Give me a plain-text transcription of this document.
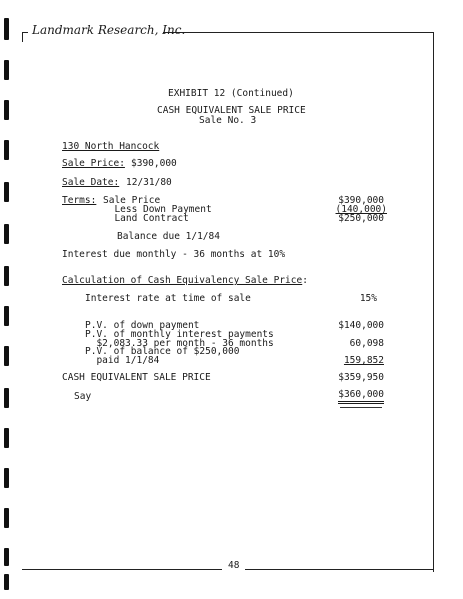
Landmark Research, Inc.
EXHIBIT 12 (Continued)
CASH EQUIVALENT SALE PRICE
Sale No. 3
130 North Hancock
Sale Price: $390,000
Sale Date: 12/31/80
Terms: Sale Price	$390,000
Less Down Payment	(140,000)
Land Contract	$250,000
Balance due 1/1/84
Interest due monthly - 36 months at 10%
Calculation of Cash Equivalency Sale Price:
Interest rate at time of sale	15%
P.V. of down payment	$140,000
P.V. of monthly interest payments
$2,083.33 per month - 36 months	60,098
P.V. of balance of $250,000
paid 1/1/84	159,852
CASH EQUIVALENT SALE PRICE	$359,950
Say	$360,000
48
